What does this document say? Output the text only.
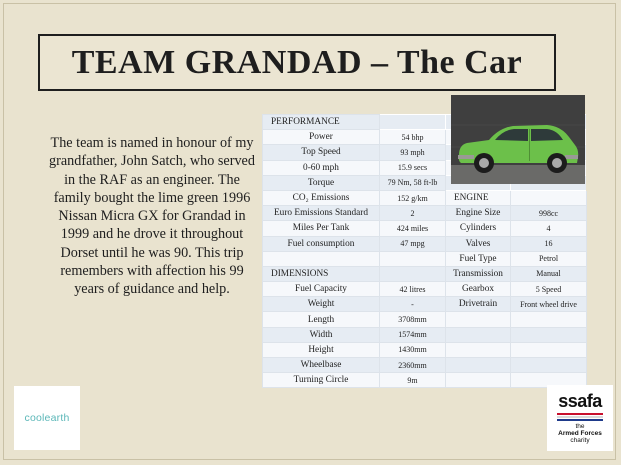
TEAM GRANDAD – The Car
The team is named in honour of my grandfather, John Satch, who served in the RAF as an engineer. The family bought the lime green 1996 Nissan Micra GX for Grandad in 1999 and he drove it throughout Dorset until he was 90. This trip remembers with affection his 99 years of guidance and help.
PERFORMANCE			
Power	54 bhp		
Top Speed	93 mph		
0-60 mph	15.9 secs		
Torque	79 Nm, 58 ft-lb		
CO₂ Emissions	152 g/km	ENGINE	
Euro Emissions Standard	2	Engine Size	998cc
Miles Per Tank	424 miles	Cylinders	4
Fuel consumption	47 mpg	Valves	16
		Fuel Type	Petrol
DIMENSIONS		Transmission	Manual
Fuel Capacity	42 litres	Gearbox	5 Speed
Weight	-	Drivetrain	Front wheel drive
Length	3708mm		
Width	1574mm		
Height	1430mm		
Wheelbase	2360mm		
Turning Circle	9m		
coolearth
ssafa
the
Armed Forces
charity
